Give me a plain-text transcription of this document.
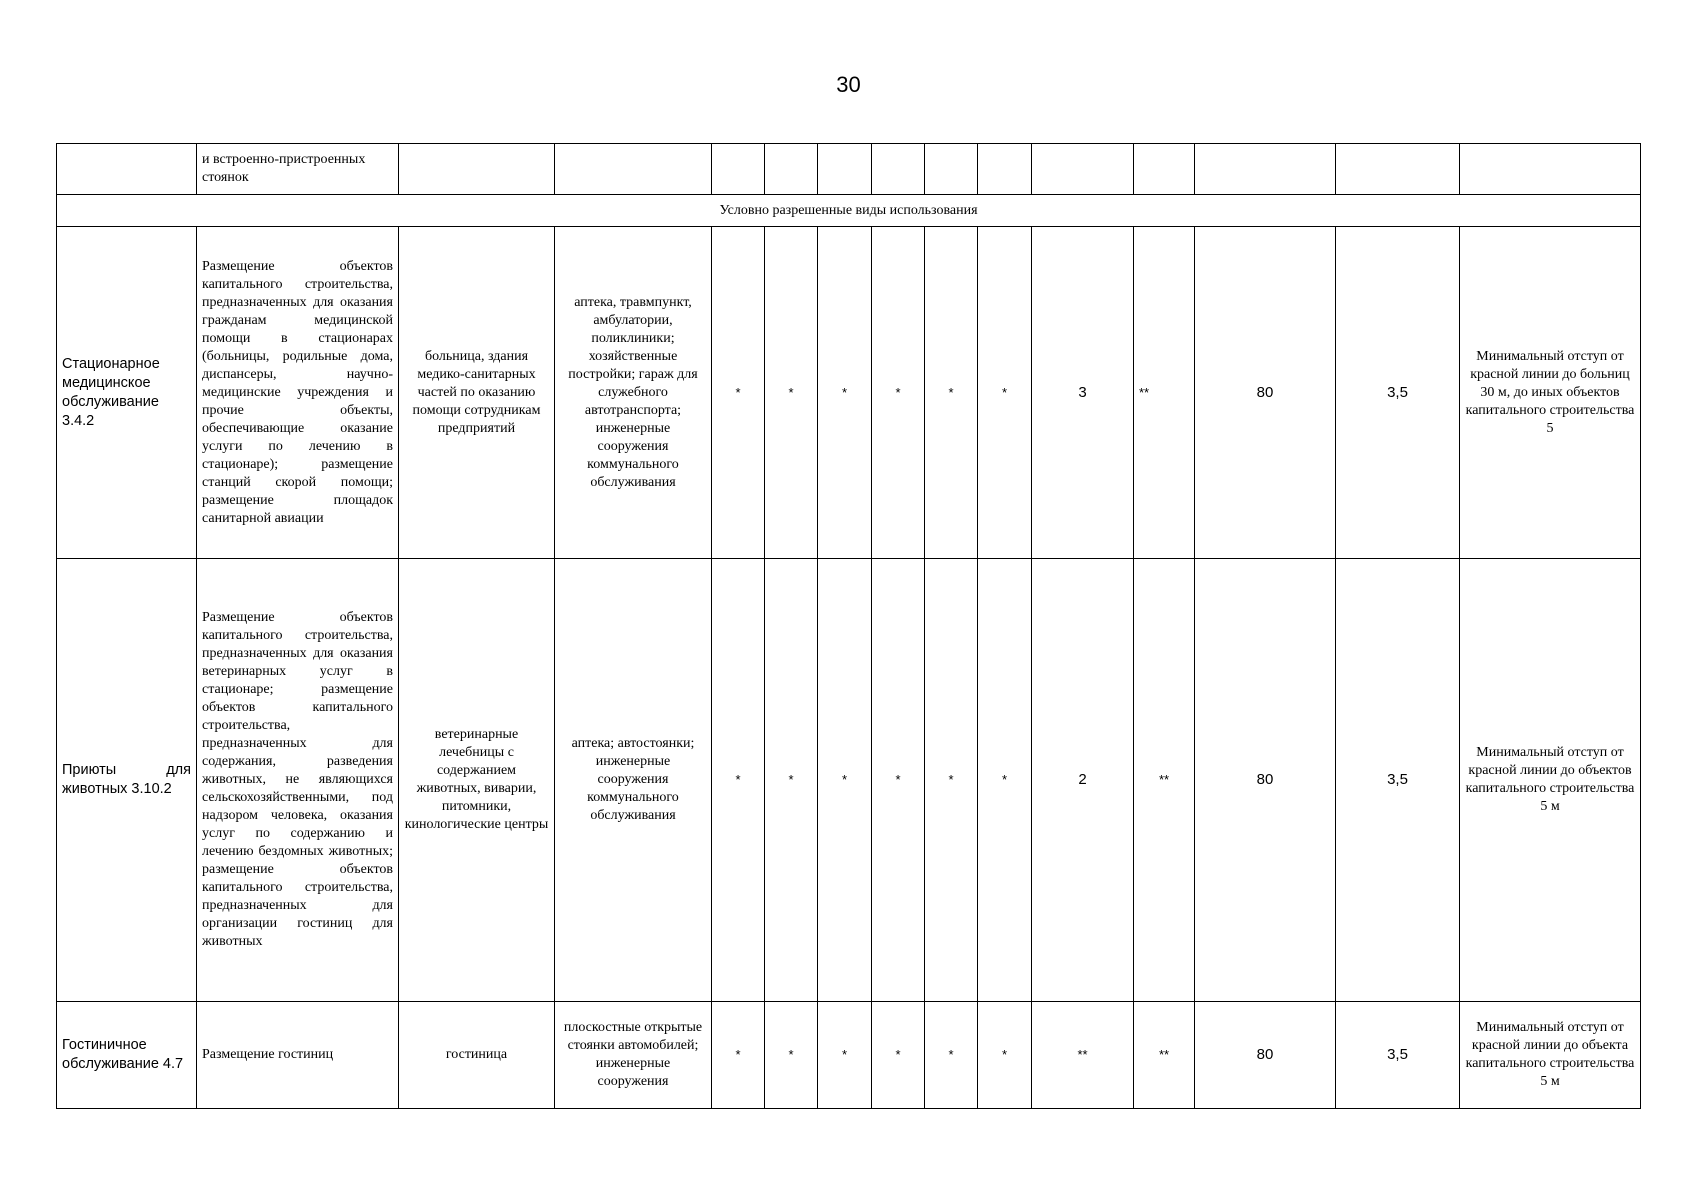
30
	и встроенно-пристроенных стоянок													
Условно разрешенные виды использования														
Стационарное медицинское обслуживание 3.4.2	Размещение объектов капитального строительства, предназначенных для оказания гражданам медицинской помощи в стационарах (больницы, родильные дома, диспансеры, научно-медицинские учреждения и прочие объекты, обеспечивающие оказание услуги по лечению в стационаре); размещение станций скорой помощи; размещение площадок санитарной авиации	больница, здания медико-санитарных частей по оказанию помощи сотрудникам предприятий	аптека, травмпункт, амбулатории, поликлиники; хозяйственные постройки; гараж для служебного автотранспорта; инженерные сооружения коммунального обслуживания	*	*	*	*	*	*	3	**	80	3,5	Минимальный отступ от красной линии до больниц 30 м, до иных объектов капитального строительства 5
Приюты для животных 3.10.2	Размещение объектов капитального строительства, предназначенных для оказания ветеринарных услуг в стационаре; размещение объектов капитального строительства, предназначенных для содержания, разведения животных, не являющихся сельскохозяйственными, под надзором человека, оказания услуг по содержанию и лечению бездомных животных; размещение объектов капитального строительства, предназначенных для организации гостиниц для животных	ветеринарные лечебницы с содержанием животных, виварии, питомники, кинологические центры	аптека; автостоянки; инженерные сооружения коммунального обслуживания	*	*	*	*	*	*	2	**	80	3,5	Минимальный отступ от красной линии до объектов капитального строительства 5 м
Гостиничное обслуживание 4.7	Размещение гостиниц	гостиница	плоскостные открытые стоянки автомобилей; инженерные сооружения	*	*	*	*	*	*	**	**	80	3,5	Минимальный отступ от красной линии до объекта капитального строительства 5 м
